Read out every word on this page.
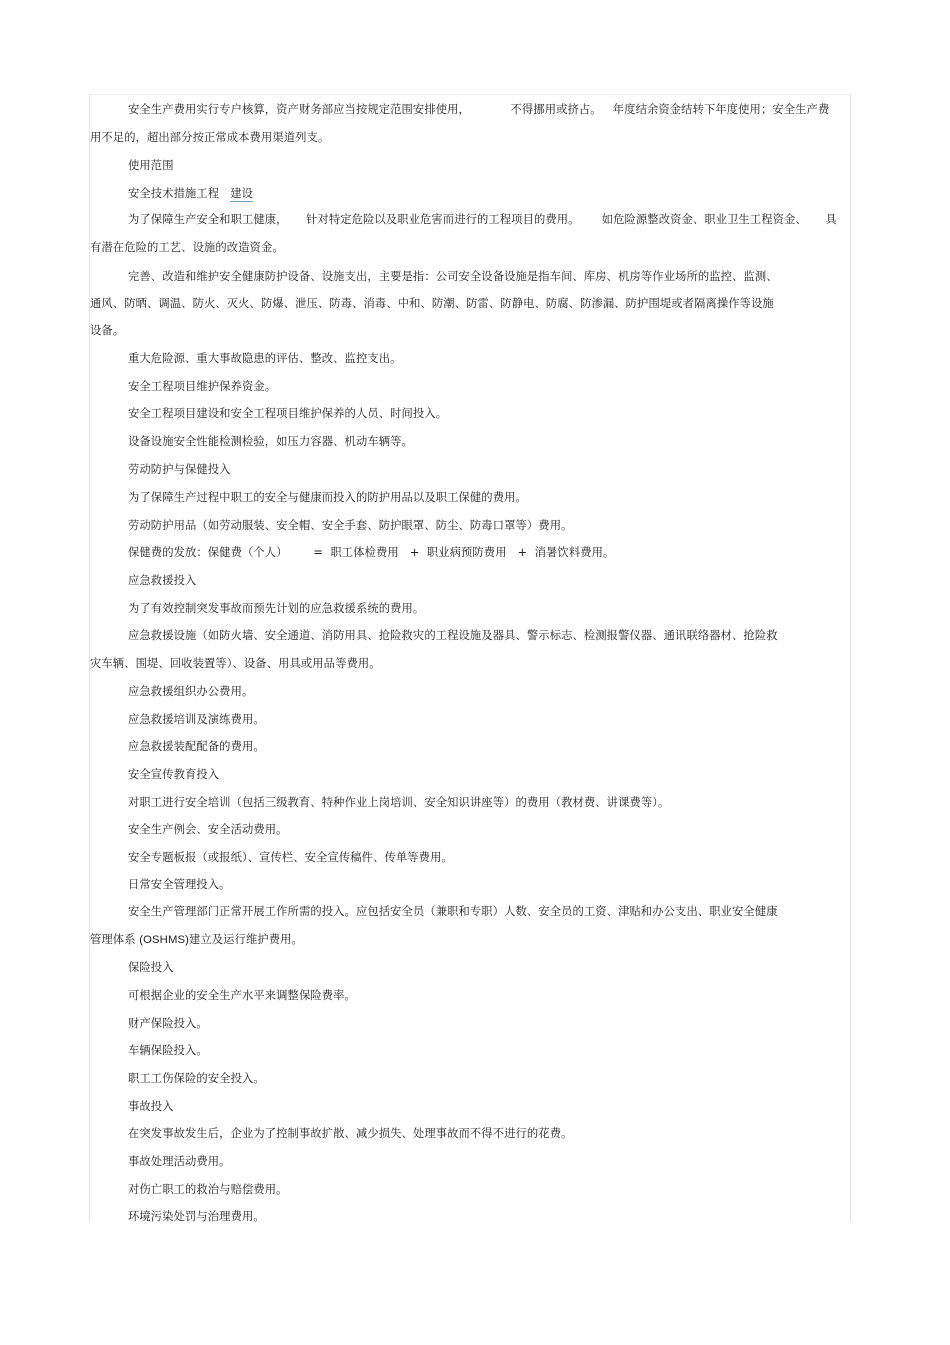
安全生产费用实行专户核算，资产财务部应当按规定范围安排使用，	不得挪用或挤占。 年度结余资金结转下年度使用；安全生产费
用不足的，超出部分按正常成本费用渠道列支。
使用范围
安全技术措施工程 建设
为了保障生产安全和职工健康， 针对特定危险以及职业危害而进行的工程项目的费用。 如危险源整改资金、职业卫生工程资金、 具
有潜在危险的工艺、设施的改造资金。
完善、改造和维护安全健康防护设备、设施支出，主要是指：公司安全设备设施是指车间、库房、机房等作业场所的监控、监测、
通风、防晒、调温、防火、灭火、防爆、泄压、防毒、消毒、中和、防潮、防雷、防静电、防腐、防渗漏、防护围堤或者隔离操作等设施
设备。
重大危险源、重大事故隐患的评估、整改、监控支出。
安全工程项目维护保养资金。
安全工程项目建设和安全工程项目维护保养的人员、时间投入。
设备设施安全性能检测检验，如压力容器、机动车辆等。
劳动防护与保健投入
为了保障生产过程中职工的安全与健康而投入的防护用品以及职工保健的费用。
劳动防护用品（如劳动服装、安全帽、安全手套、防护眼罩、防尘、防毒口罩等）费用。
保健费的发放：保健费（个人） = 职工体检费用 + 职业病预防费用 + 消暑饮料费用。
应急救援投入
为了有效控制突发事故而预先计划的应急救援系统的费用。
应急救援设施（如防火墙、安全通道、消防用具、抢险救灾的工程设施及器具、警示标志、检测报警仪器、通讯联络器材、抢险救
灾车辆、围堤、回收装置等）、设备、用具或用品等费用。
应急救援组织办公费用。
应急救援培训及演练费用。
应急救援装配配备的费用。
安全宣传教育投入
对职工进行安全培训（包括三级教育、特种作业上岗培训、安全知识讲座等）的费用（教材费、讲课费等）。
安全生产例会、安全活动费用。
安全专题板报（或报纸）、宣传栏、安全宣传稿件、传单等费用。
日常安全管理投入。
安全生产管理部门正常开展工作所需的投入。应包括安全员（兼职和专职）人数、安全员的工资、津贴和办公支出、职业安全健康
管理体系 (OSHMS)建立及运行维护费用。
保险投入
可根据企业的安全生产水平来调整保险费率。
财产保险投入。
车辆保险投入。
职工工伤保险的安全投入。
事故投入
在突发事故发生后，企业为了控制事故扩散、减少损失、处理事故而不得不进行的花费。
事故处理活动费用。
对伤亡职工的救治与赔偿费用。
环境污染处罚与治理费用。
